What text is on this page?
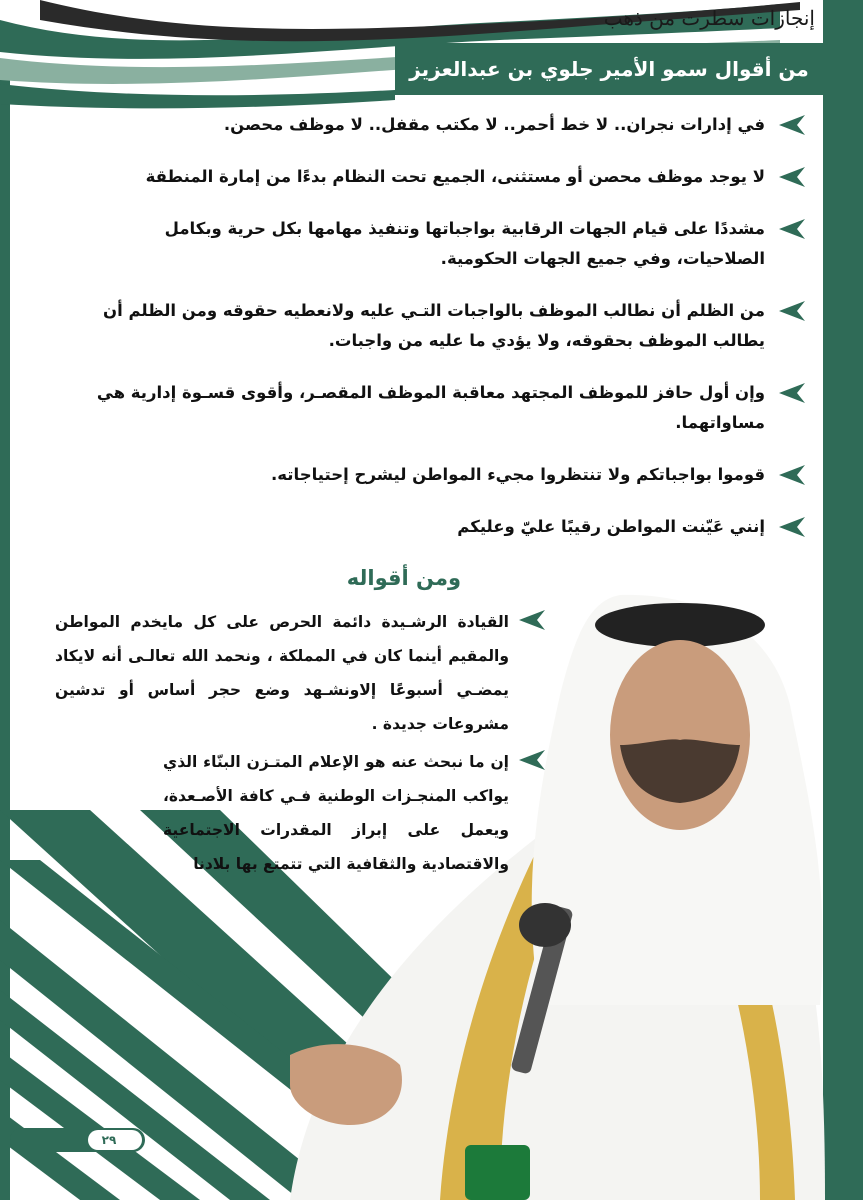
إنجازات سطرت من ذهب
من أقوال سمو الأمير جلوي بن عبدالعزيز
في إدارات نجران.. لا خط أحمر.. لا مكتب مقفل.. لا موظف محصن.
لا يوجد موظف محصن أو مستثنى، الجميع تحت النظام بدءًا من إمارة المنطقة
مشددًا على قيام الجهات الرقابية بواجباتها وتنفيذ مهامها بكل حرية وبكامل الصلاحيات، وفي جميع الجهات الحكومية.
من الظلم أن نطالب الموظف بالواجبات التـي عليه ولانعطيه حقوقه ومن الظلم أن يطالب الموظف بحقوقه، ولا يؤدي ما عليه من واجبات.
وإن أول حافز للموظف المجتهد معاقبة الموظف المقصـر، وأقوى قسـوة إدارية هي مساواتهما.
قوموا بواجباتكم ولا تنتظروا مجيء المواطن ليشرح إحتياجاته.
إنني عَيّنت المواطن رقيبًا عليّ وعليكم
ومن أقواله
القيادة الرشـيدة دائمة الحرص على كل مايخدم المواطن والمقيم أينما كان في المملكة ، ونحمد الله تعالـى أنه لايكاد يمضـي أسبوعًا إلاونشـهد وضع حجر أساس أو تدشين مشروعات جديدة .
إن ما نبحث عنه هو الإعلام المتـزن البنّاء الذي يواكب المنجـزات الوطنية فـي كافة الأصـعدة، ويعمل على إبراز المقدرات الاجتماعية والاقتصادية والثقافية التي تتمتع بها بلادنا
٢٩
